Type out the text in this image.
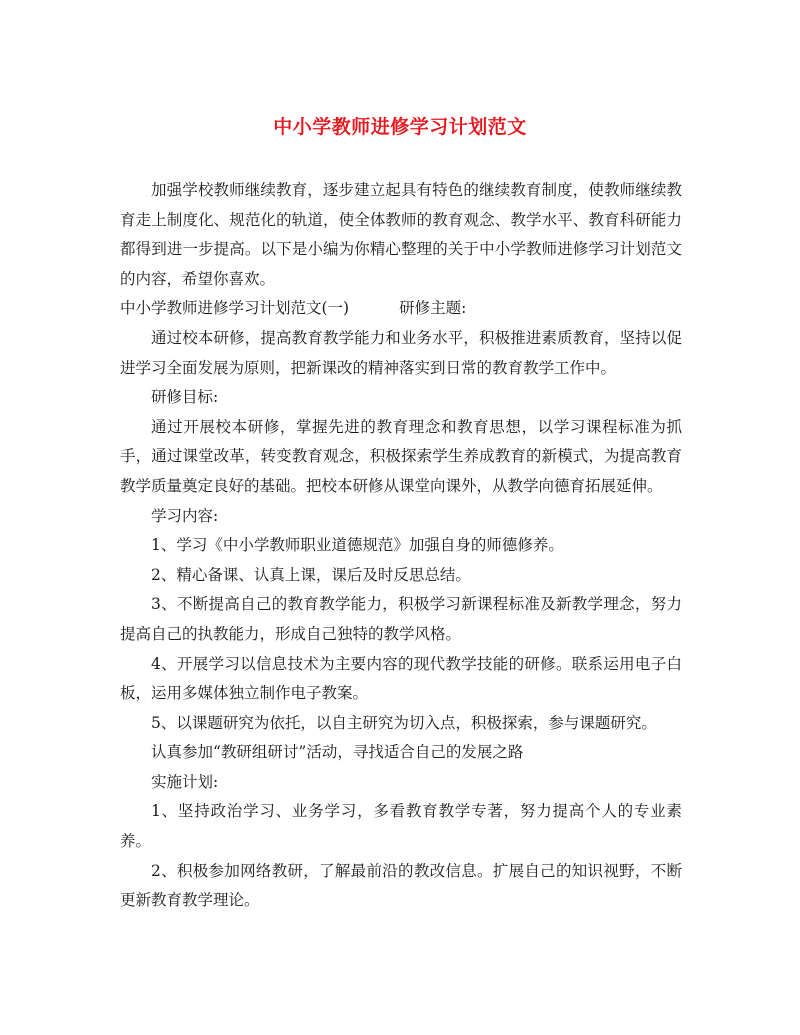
中小学教师进修学习计划范文

加强学校教师继续教育，逐步建立起具有特色的继续教育制度，使教师继续教育走上制度化、规范化的轨道，使全体教师的教育观念、教学水平、教育科研能力都得到进一步提高。以下是小编为你精心整理的关于中小学教师进修学习计划范文的内容，希望你喜欢。

中小学教师进修学习计划范文(一)	研修主题:

通过校本研修，提高教育教学能力和业务水平，积极推进素质教育，坚持以促进学习全面发展为原则，把新课改的精神落实到日常的教育教学工作中。

研修目标:

通过开展校本研修，掌握先进的教育理念和教育思想，以学习课程标准为抓手，通过课堂改革，转变教育观念，积极探索学生养成教育的新模式，为提高教育教学质量奠定良好的基础。把校本研修从课堂向课外，从教学向德育拓展延伸。

学习内容:

1、学习《中小学教师职业道德规范》加强自身的师德修养。

2、精心备课、认真上课，课后及时反思总结。

3、不断提高自己的教育教学能力，积极学习新课程标准及新教学理念，努力提高自己的执教能力，形成自己独特的教学风格。

4、开展学习以信息技术为主要内容的现代教学技能的研修。联系运用电子白板，运用多媒体独立制作电子教案。

5、以课题研究为依托，以自主研究为切入点，积极探索，参与课题研究。

认真参加“教研组研讨”活动，寻找适合自己的发展之路

实施计划:

1、坚持政治学习、业务学习，多看教育教学专著，努力提高个人的专业素养。

2、积极参加网络教研，了解最前沿的教改信息。扩展自己的知识视野，不断更新教育教学理论。
